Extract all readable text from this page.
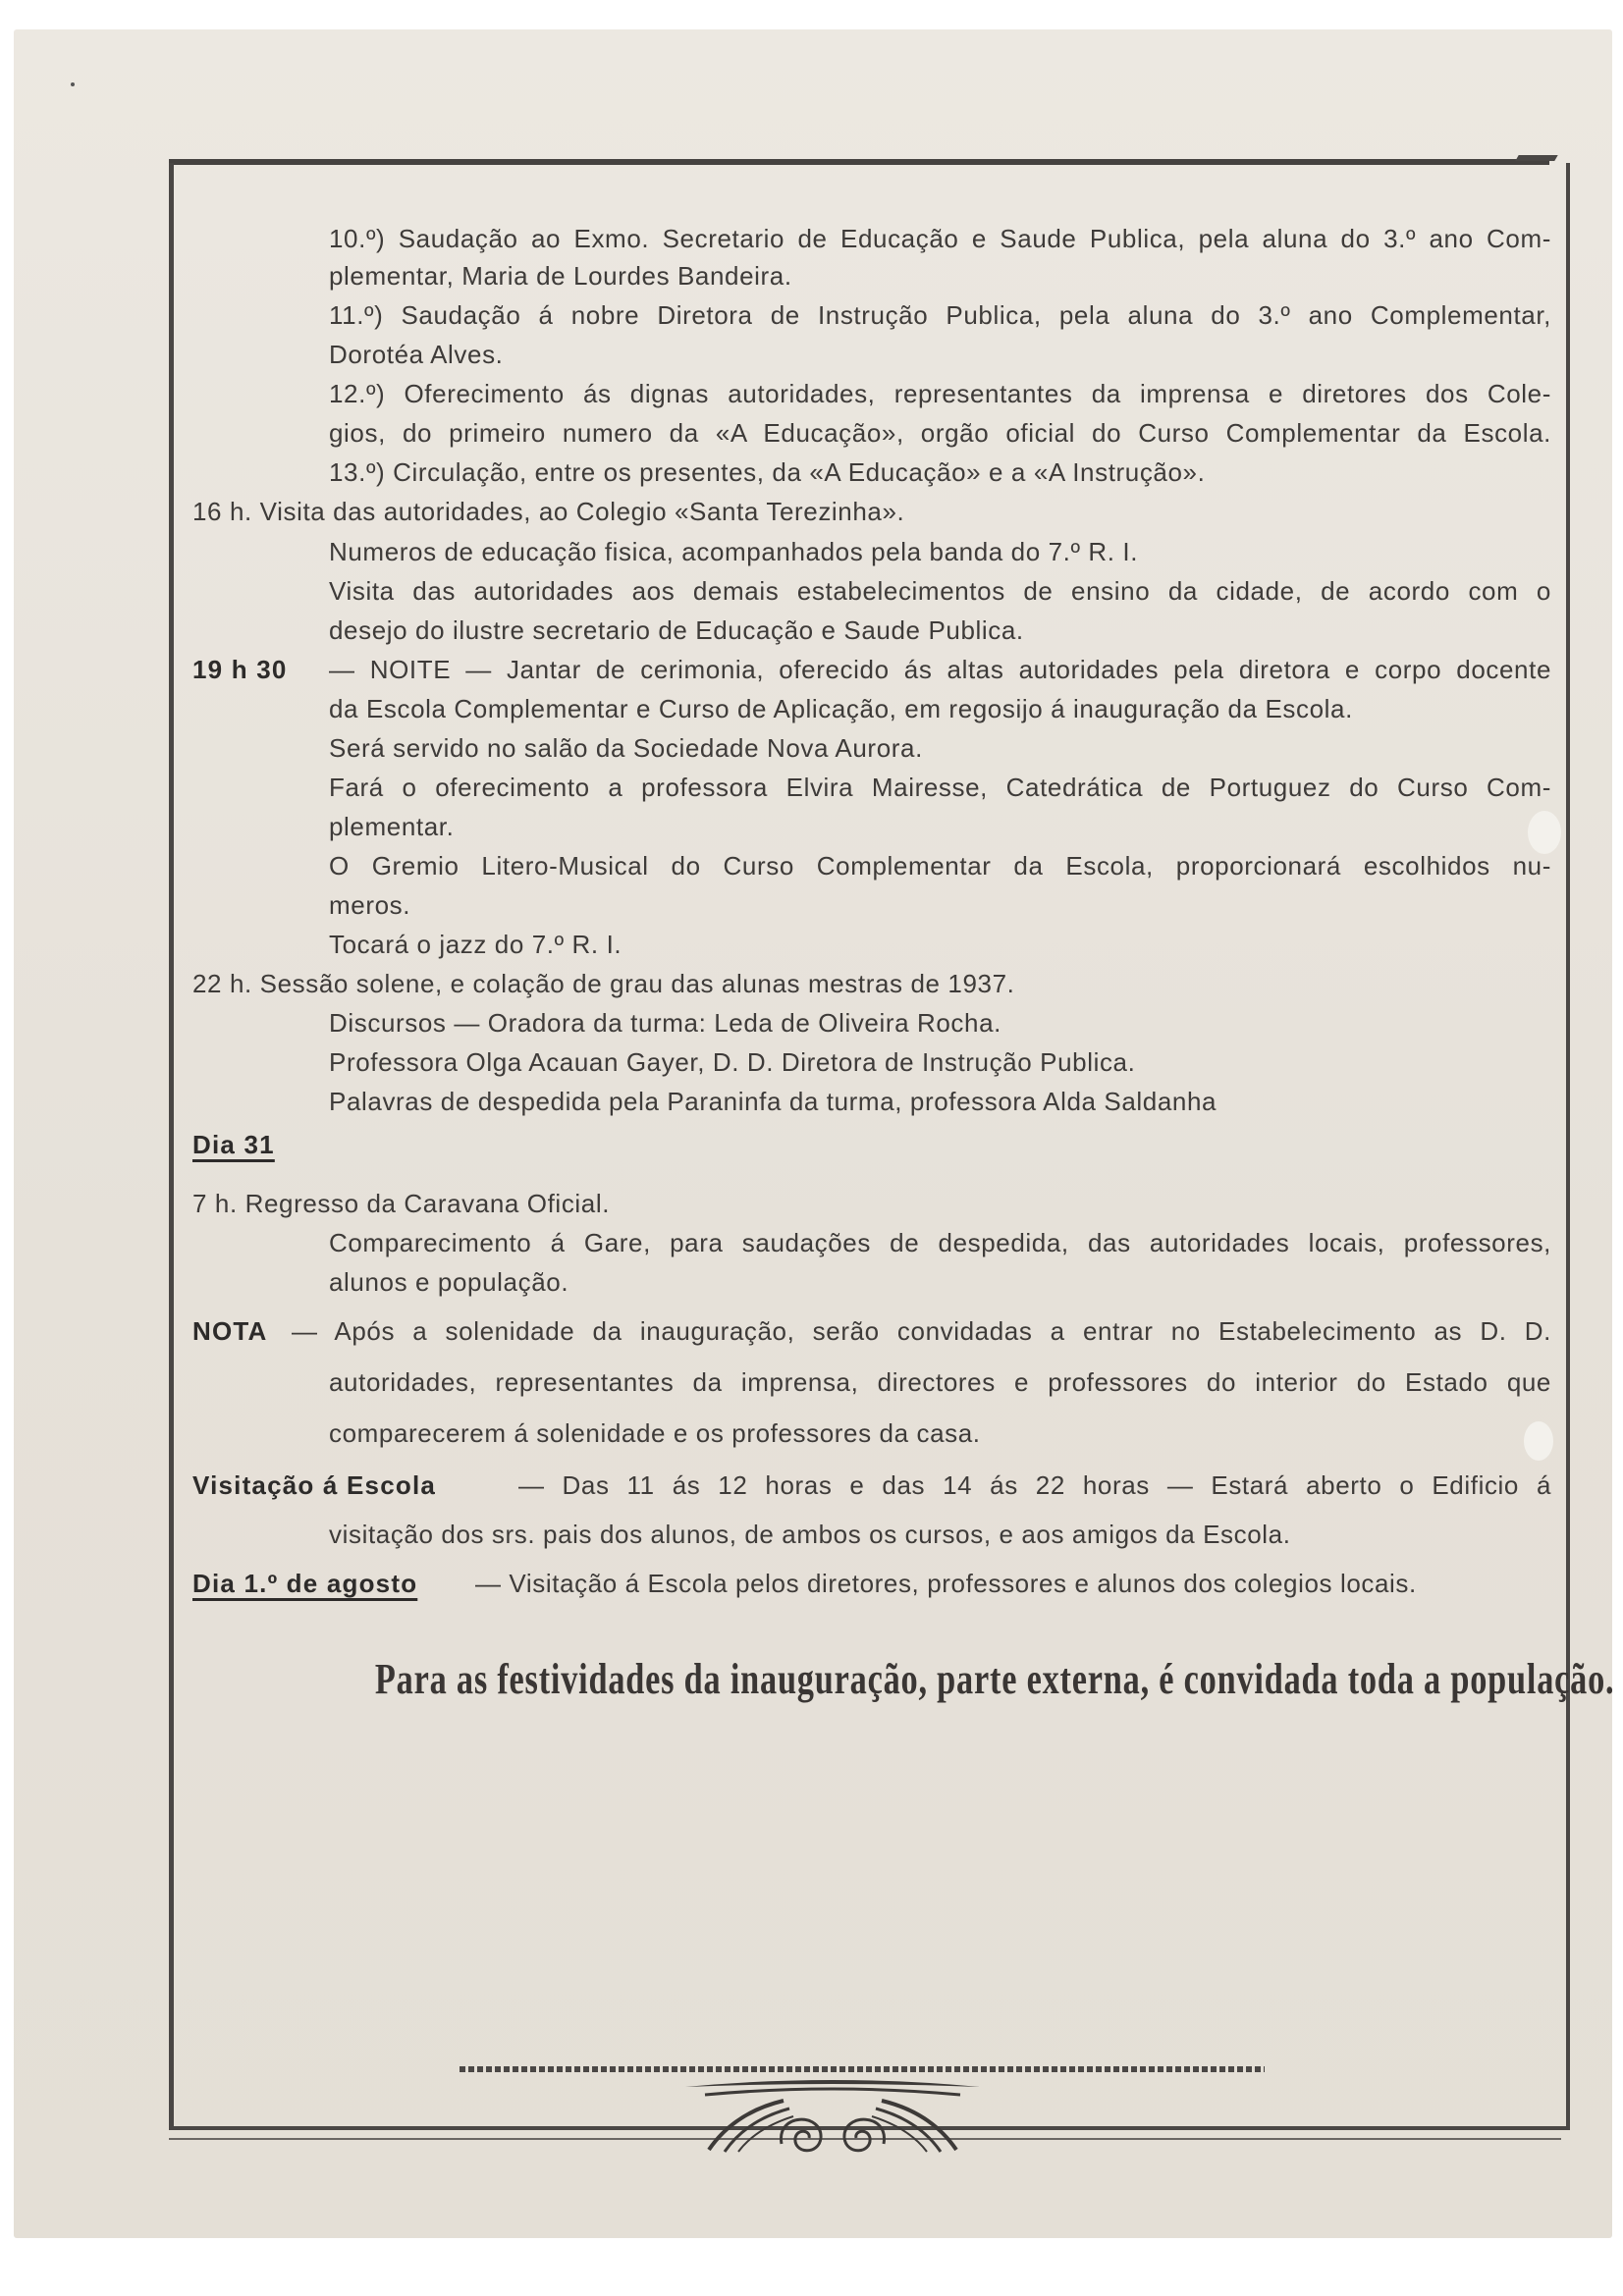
10.º) Saudação ao Exmo. Secretario de Educação e Saude Publica, pela aluna do 3.º ano Com-
plementar, Maria de Lourdes Bandeira.
11.º) Saudação á nobre Diretora de Instrução Publica, pela aluna do 3.º ano Complementar,
Dorotéa Alves.
12.º) Oferecimento ás dignas autoridades, representantes da imprensa e diretores dos Cole-
gios, do primeiro numero da «A Educação», orgão oficial do Curso Complementar da Escola.
13.º) Circulação, entre os presentes, da «A Educação» e a «A Instrução».
16 h. Visita das autoridades, ao Colegio «Santa Terezinha».
Numeros de educação fisica, acompanhados pela banda do 7.º R. I.
Visita das autoridades aos demais estabelecimentos de ensino da cidade, de acordo com o
desejo do ilustre secretario de Educação e Saude Publica.
19 h 30 — NOITE — Jantar de cerimonia, oferecido ás altas autoridades pela diretora e corpo docente
da Escola Complementar e Curso de Aplicação, em regosijo á inauguração da Escola.
Será servido no salão da Sociedade Nova Aurora.
Fará o oferecimento a professora Elvira Mairesse, Catedrática de Portuguez do Curso Com-
plementar.
O Gremio Litero-Musical do Curso Complementar da Escola, proporcionará escolhidos nu-
meros.
Tocará o jazz do 7.º R. I.
22 h. Sessão solene, e colação de grau das alunas mestras de 1937.
Discursos — Oradora da turma: Leda de Oliveira Rocha.
Professora Olga Acauan Gayer, D. D. Diretora de Instrução Publica.
Palavras de despedida pela Paraninfa da turma, professora Alda Saldanha
Dia 31
7 h. Regresso da Caravana Oficial.
Comparecimento á Gare, para saudações de despedida, das autoridades locais, professores,
alunos e população.
NOTA — Após a solenidade da inauguração, serão convidadas a entrar no Estabelecimento as D. D.
autoridades, representantes da imprensa, directores e professores do interior do Estado que
comparecerem á solenidade e os professores da casa.
Visitação á Escola	— Das 11 ás 12 horas e das 14 ás 22 horas — Estará aberto o Edificio á
visitação dos srs. pais dos alunos, de ambos os cursos, e aos amigos da Escola.
Dia 1.º de agosto — Visitação á Escola pelos diretores, professores e alunos dos colegios locais.
Para as festividades da inauguração, parte externa, é convidada toda a população.
